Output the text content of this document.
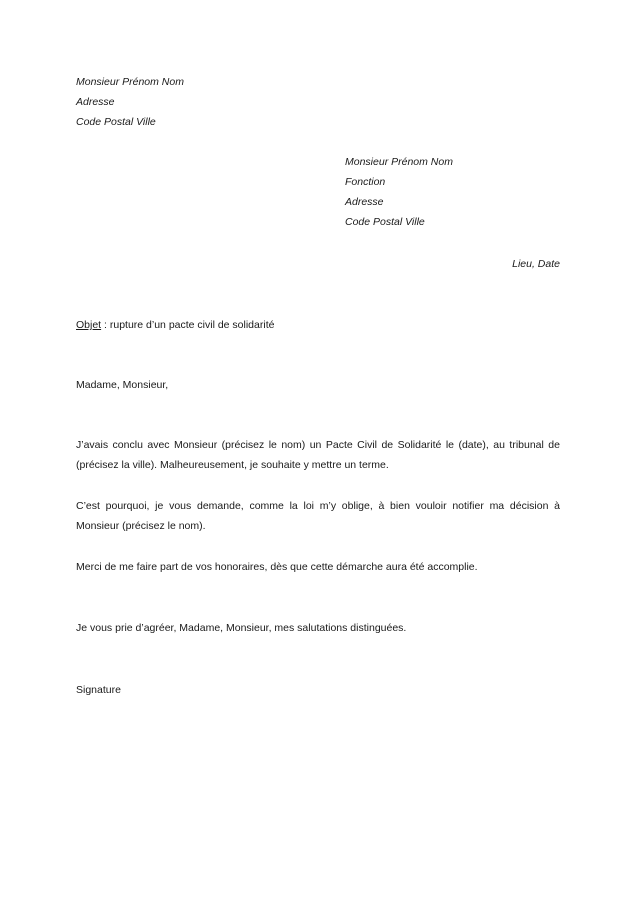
Monsieur Prénom Nom
Adresse
Code Postal Ville
Monsieur Prénom Nom
Fonction
Adresse
Code Postal Ville
Lieu, Date
Objet : rupture d’un pacte civil de solidarité
Madame, Monsieur,
J’avais conclu avec Monsieur (précisez le nom) un Pacte Civil de Solidarité le (date), au tribunal de (précisez la ville). Malheureusement, je souhaite y mettre un terme.
C’est pourquoi, je vous demande, comme la loi m’y oblige, à bien vouloir notifier ma décision à Monsieur (précisez le nom).
Merci de me faire part de vos honoraires, dès que cette démarche aura été accomplie.
Je vous prie d’agréer, Madame, Monsieur, mes salutations distinguées.
Signature
